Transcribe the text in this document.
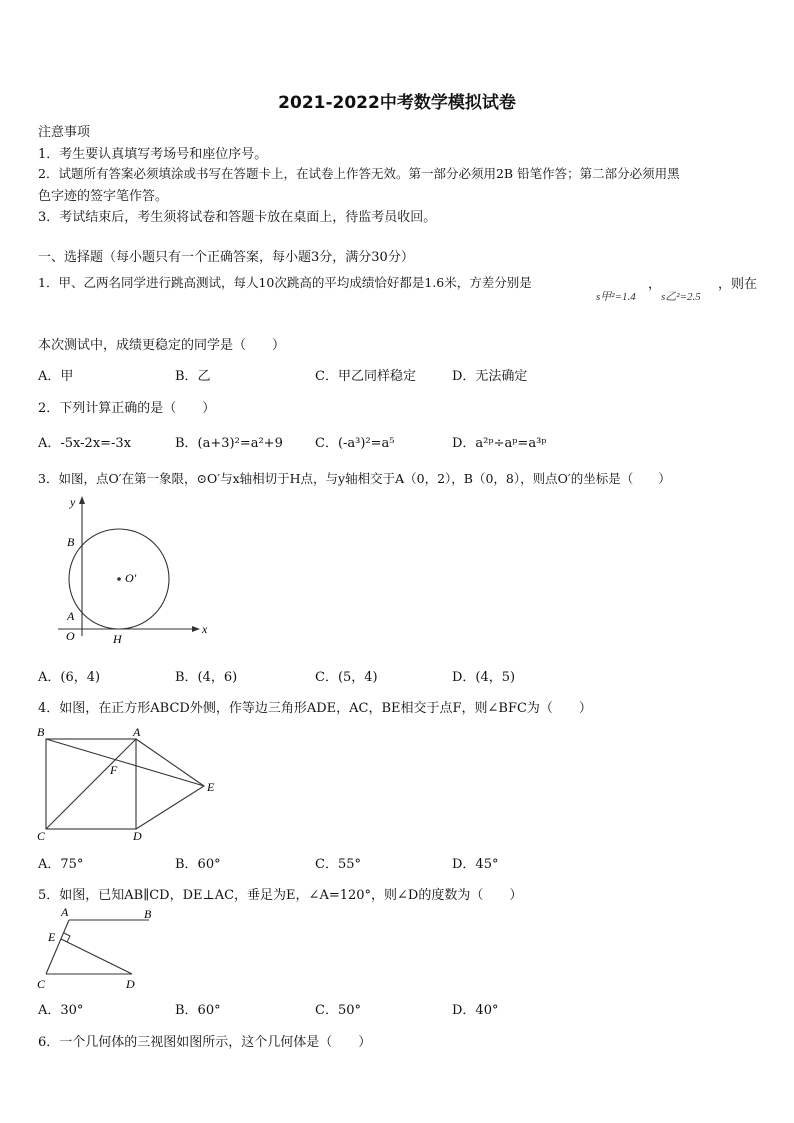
2021-2022中考数学模拟试卷
注意事项
1．考生要认真填写考场号和座位序号。
2．试题所有答案必须填涂或书写在答题卡上，在试卷上作答无效。第一部分必须用2B 铅笔作答；第二部分必须用黑
色字迹的签字笔作答。
3．考试结束后，考生须将试卷和答题卡放在桌面上，待监考员收回。
一、选择题（每小题只有一个正确答案，每小题3分，满分30分）
1．甲、乙两名同学进行跳高测试，每人10次跳高的平均成绩恰好都是1.6米，方差分别是
s甲²=1.4
，
s乙²=2.5
，则在
本次测试中，成绩更稳定的同学是（　　）
A．甲	B．乙	C．甲乙同样稳定	D．无法确定
2．下列计算正确的是（　　）
A．-5x-2x=-3x	B．(a+3)²=a²+9 C．(-a³)²=a⁵	D．a²ᵖ÷aᵖ=a³ᵖ
3．如图，点O′在第一象限，⊙O′与x轴相切于H点，与y轴相交于A（0，2），B（0，8），则点O′的坐标是（　　）
y
x
B
A
O	H
O′
A．(6，4)	B．(4，6)	C．(5，4)	D．(4，5)
4．如图，在正方形ABCD外侧，作等边三角形ADE，AC，BE相交于点F，则∠BFC为（　　）
B	A
C	D
E
F
A．75°	B．60°	C．55°	D．45°
5．如图，已知AB∥CD，DE⊥AC，垂足为E，∠A=120°，则∠D的度数为（　　）
A	B
E
C	D
A．30°	B．60°	C．50°	D．40°
6．一个几何体的三视图如图所示，这个几何体是（　　）
